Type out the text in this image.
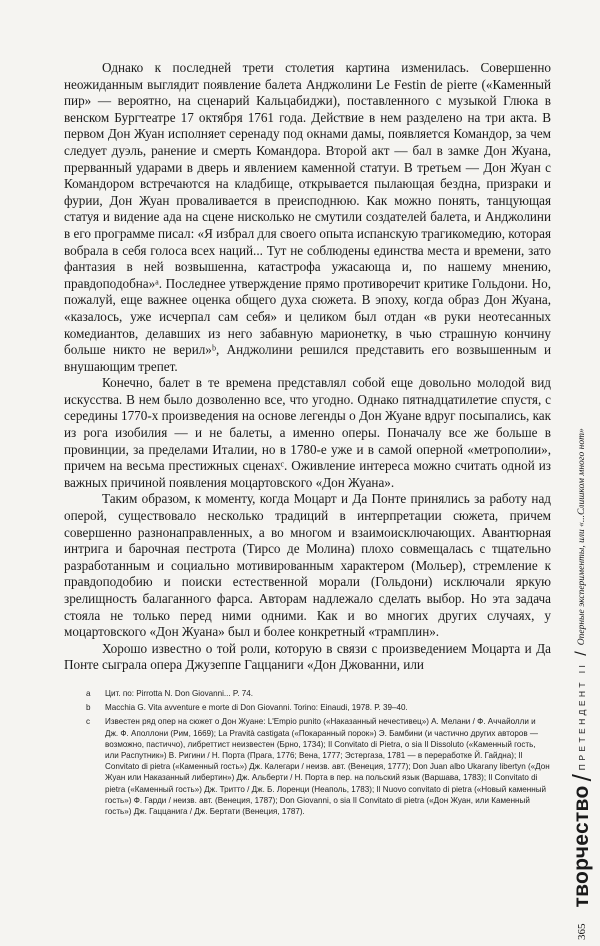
Однако к последней трети столетия картина изменилась. Совершенно неожиданным выглядит появление балета Анджолини Le Festin de pierre («Каменный пир» — вероятно, на сценарий Кальцабиджи), поставленного с музыкой Глюка в венском Бургтеатре 17 октября 1761 года. Действие в нем разделено на три акта. В первом Дон Жуан исполняет серенаду под окнами дамы, появляется Командор, за чем следует дуэль, ранение и смерть Командора. Второй акт — бал в замке Дон Жуана, прерванный ударами в дверь и явлением каменной статуи. В третьем — Дон Жуан с Командором встречаются на кладбище, открывается пылающая бездна, призраки и фурии, Дон Жуан проваливается в преисподнюю. Как можно понять, танцующая статуя и видение ада на сцене нисколько не смутили создателей балета, и Анджолини в его программе писал: «Я избрал для своего опыта испанскую трагикомедию, которая вобрала в себя голоса всех наций... Тут не соблюдены единства места и времени, зато фантазия в ней возвышенна, катастрофа ужасающа и, по нашему мнению, правдоподобна»ᵃ. Последнее утверждение прямо противоречит критике Гольдони. Но, пожалуй, еще важнее оценка общего духа сюжета. В эпоху, когда образ Дон Жуана, «казалось, уже исчерпал сам себя» и целиком был отдан «в руки неотесанных комедиантов, делавших из него забавную марионетку, в чью страшную кончину больше никто не верил»ᵇ, Анджолини решился представить его возвышенным и внушающим трепет.

Конечно, балет в те времена представлял собой еще довольно молодой вид искусства. В нем было дозволенно все, что угодно. Однако пятнадцатилетие спустя, с середины 1770-х произведения на основе легенды о Дон Жуане вдруг посыпались, как из рога изобилия — и не балеты, а именно оперы. Поначалу все же больше в провинции, за пределами Италии, но в 1780-е уже и в самой оперной «метрополии», причем на весьма престижных сценахᶜ. Оживление интереса можно считать одной из важных причиной появления моцартовского «Дон Жуана».

Таким образом, к моменту, когда Моцарт и Да Понте принялись за работу над оперой, существовало несколько традиций в интерпретации сюжета, причем совершенно разнонаправленных, а во многом и взаимоисключающих. Авантюрная интрига и барочная пестрота (Тирсо де Молина) плохо совмещалась с тщательно разработанным и социально мотивированным характером (Мольер), стремление к правдоподобию и поиски естественной морали (Гольдони) исключали яркую зрелищность балаганного фарса. Авторам надлежало сделать выбор. Но эта задача стояла не только перед ними одними. Как и во многих других случаях, у моцартовского «Дон Жуана» был и более конкретный «трамплин».

Хорошо известно о той роли, которую в связи с произведением Моцарта и Да Понте сыграла опера Джузеппе Гаццаниги «Дон Джованни, или

a	Цит. по: Pirrotta N. Don Giovanni... P. 74.
b	Macchia G. Vita avventure e morte di Don Giovanni. Torino: Einaudi, 1978. P. 39–40.
c	Известен ряд опер на сюжет о Дон Жуане: L'Empio punito («Наказанный нечестивец») А. Мелани / Ф. Аччайолли и Дж. Ф. Аполлони (Рим, 1669); La Pravità castigata («Покаранный порок») Э. Бамбини (и частично других авторов — возможно, пастиччо), либреттист неизвестен (Брно, 1734); Il Convitato di Pietra, o sia Il Dissoluto («Каменный гость, или Распутник») В. Ригини / Н. Порта (Прага, 1776; Вена, 1777; Эстергаза, 1781 — в переработке Й. Гайдна); Il Convitato di pietra («Каменный гость») Дж. Калегари / неизв. авт. (Венеция, 1777); Don Juan albo Ukarany libertyn («Дон Жуан или Наказанный либертин») Дж. Альберти / Н. Порта в пер. на польский язык (Варшава, 1783); Il Convitato di pietra («Каменный гость») Дж. Тритто / Дж. Б. Лоренци (Неаполь, 1783); Il Nuovo convitato di pietra («Новый каменный гость») Ф. Гарди / неизв. авт. (Венеция, 1787); Don Giovanni, o sia Il Convitato di pietra («Дон Жуан, или Каменный гость») Дж. Гаццанига / Дж. Бертати (Венеция, 1787).
365
творчество
/
ПРЕТЕНДЕНТ II
/
Оперные эксперименты, или «...Слишком много нот»
